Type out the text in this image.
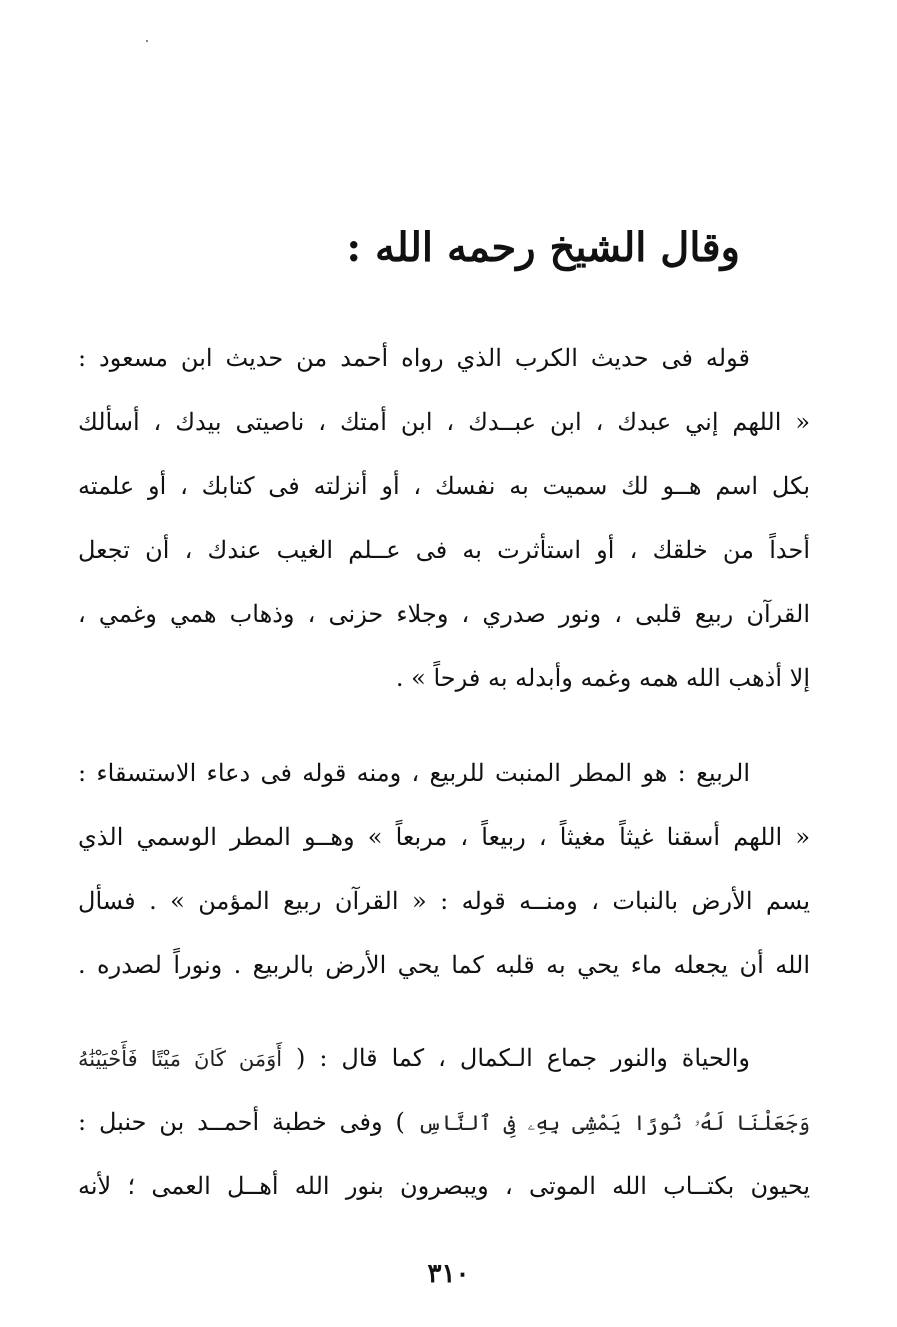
وقال الشيخ رحمه الله :
قوله فى حديث الكرب الذي رواه أحمد من حديث ابن مسعود :
« اللهم إني عبدك ، ابن عبــدك ، ابن أمتك ، ناصيتى بيدك ، أسألك
بكل اسم هــو لك سميت به نفسك ، أو أنزلته فى كتابك ، أو علمته
أحداً من خلقك ، أو استأثرت به فى عــلم الغيب عندك ، أن تجعل
القرآن ربيع قلبى ، ونور صدري ، وجلاء حزنى ، وذهاب همي وغمي ،
إلا أذهب الله همه وغمه وأبدله به فرحاً » .
الربيع : هو المطر المنبت للربيع ، ومنه قوله فى دعاء الاستسقاء :
« اللهم أسقنا غيثاً مغيثاً ، ربيعاً ، مربعاً » وهــو المطر الوسمي الذي
يسم الأرض بالنبات ، ومنــه قوله : « القرآن ربيع المؤمن » . فسأل
الله أن يجعله ماء يحي به قلبه كما يحي الأرض بالربيع . ونوراً لصدره .
والحياة والنور جماع الـكمال ، كما قال : ( أَوَمَن كَانَ مَيْتًا فَأَحْيَيْنَٰهُ
وَجَعَلْنَا لَهُۥ نُورًا يَمْشِى بِهِۦ فِى ٱلنَّاسِ ) وفى خطبة أحمــد بن حنبل :
يحيون بكتــاب الله الموتى ، ويبصرون بنور الله أهــل العمى ؛ لأنه
٣١٠
